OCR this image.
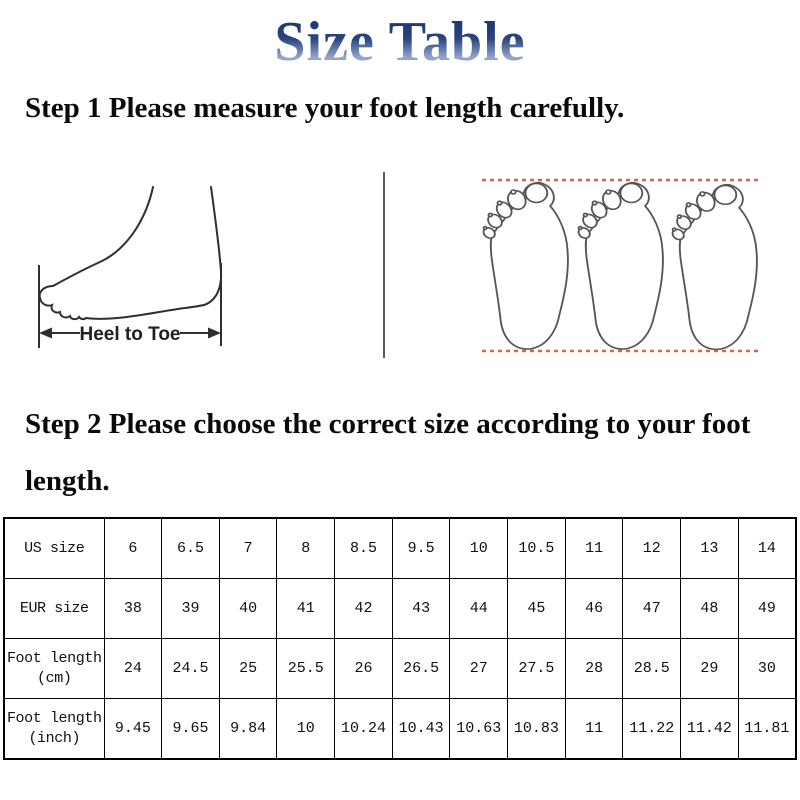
Size Table
Step 1 Please measure your foot length carefully.
Heel to Toe
Step 2 Please choose the correct size according to your foot
length.
US size	6	6.5	7	8	8.5	9.5	10	10.5	11	12	13	14
EUR size	38	39	40	41	42	43	44	45	46	47	48	49
Foot length
(cm)	24	24.5	25	25.5	26	26.5	27	27.5	28	28.5	29	30
Foot length
(inch)	9.45	9.65	9.84	10	10.24	10.43	10.63	10.83	11	11.22	11.42	11.81
